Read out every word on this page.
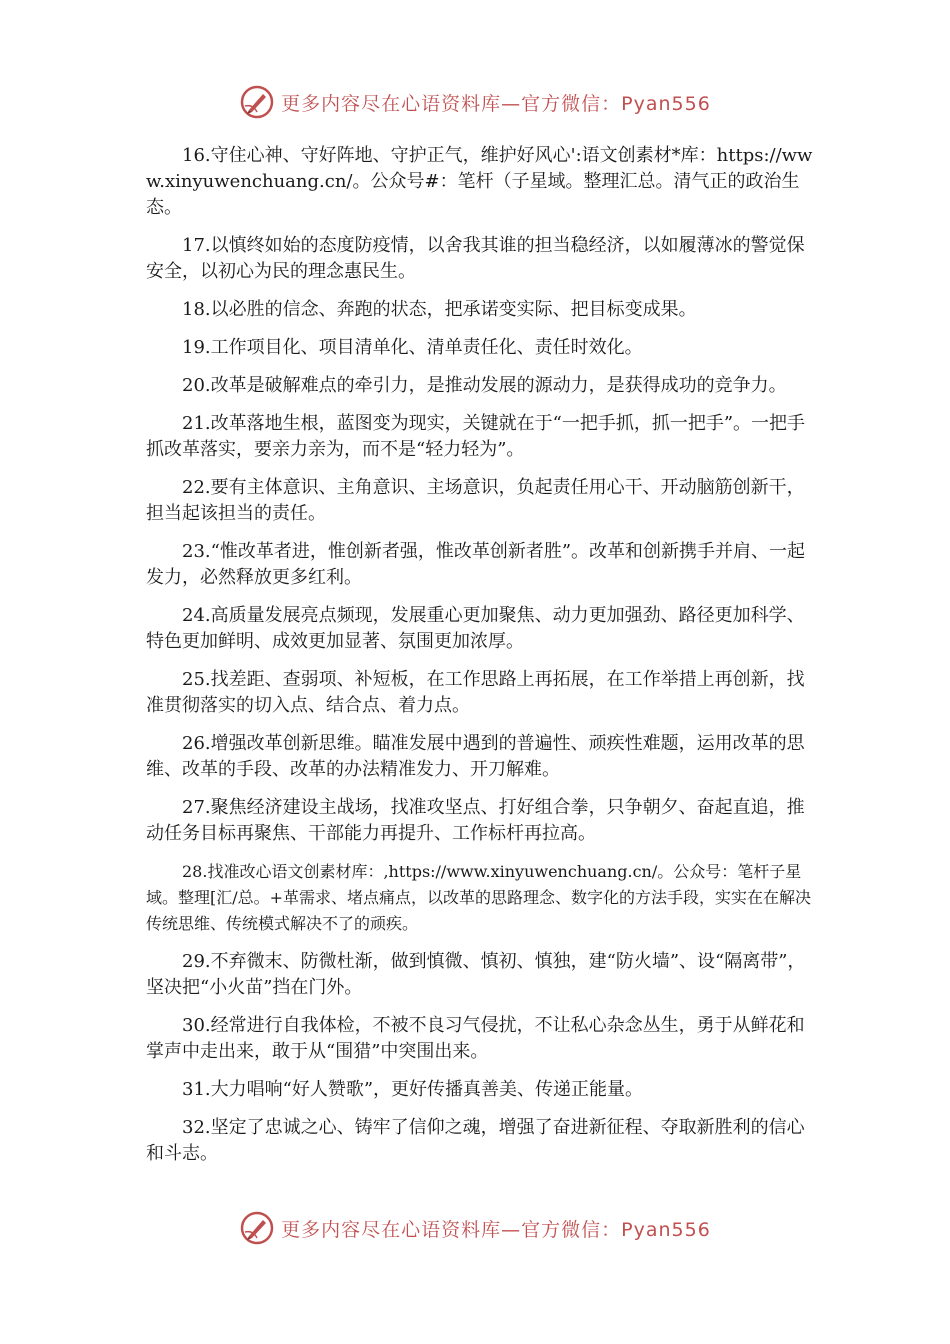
更多内容尽在心语资料库—官方微信：Pyan556

16.守住心神、守好阵地、守护正气，维护好风心':语文创素材*库：https://www.xinyuwenchuang.cn/。公众号#：笔杆（子星域。整理汇总。清气正的政治生态。

17.以慎终如始的态度防疫情，以舍我其谁的担当稳经济，以如履薄冰的警觉保安全，以初心为民的理念惠民生。

18.以必胜的信念、奔跑的状态，把承诺变实际、把目标变成果。

19.工作项目化、项目清单化、清单责任化、责任时效化。

20.改革是破解难点的牵引力，是推动发展的源动力，是获得成功的竞争力。

21.改革落地生根，蓝图变为现实，关键就在于“一把手抓，抓一把手”。一把手抓改革落实，要亲力亲为，而不是“轻力轻为”。

22.要有主体意识、主角意识、主场意识，负起责任用心干、开动脑筋创新干，担当起该担当的责任。

23.“惟改革者进，惟创新者强，惟改革创新者胜”。改革和创新携手并肩、一起发力，必然释放更多红利。

24.高质量发展亮点频现，发展重心更加聚焦、动力更加强劲、路径更加科学、特色更加鲜明、成效更加显著、氛围更加浓厚。

25.找差距、查弱项、补短板，在工作思路上再拓展，在工作举措上再创新，找准贯彻落实的切入点、结合点、着力点。

26.增强改革创新思维。瞄准发展中遇到的普遍性、顽疾性难题，运用改革的思维、改革的手段、改革的办法精准发力、开刀解难。

27.聚焦经济建设主战场，找准攻坚点、打好组合拳，只争朝夕、奋起直追，推动任务目标再聚焦、干部能力再提升、工作标杆再拉高。

28.找准改心语文创素材库：,https://www.xinyuwenchuang.cn/。公众号：笔杆子星域。整理[汇/总。+革需求、堵点痛点，以改革的思路理念、数字化的方法手段，实实在在解决传统思维、传统模式解决不了的顽疾。

29.不弃微末、防微杜渐，做到慎微、慎初、慎独，建“防火墙”、设“隔离带”，坚决把“小火苗”挡在门外。

30.经常进行自我体检，不被不良习气侵扰，不让私心杂念丛生，勇于从鲜花和掌声中走出来，敢于从“围猎”中突围出来。

31.大力唱响“好人赞歌”，更好传播真善美、传递正能量。

32.坚定了忠诚之心、铸牢了信仰之魂，增强了奋进新征程、夺取新胜利的信心和斗志。

更多内容尽在心语资料库—官方微信：Pyan556
